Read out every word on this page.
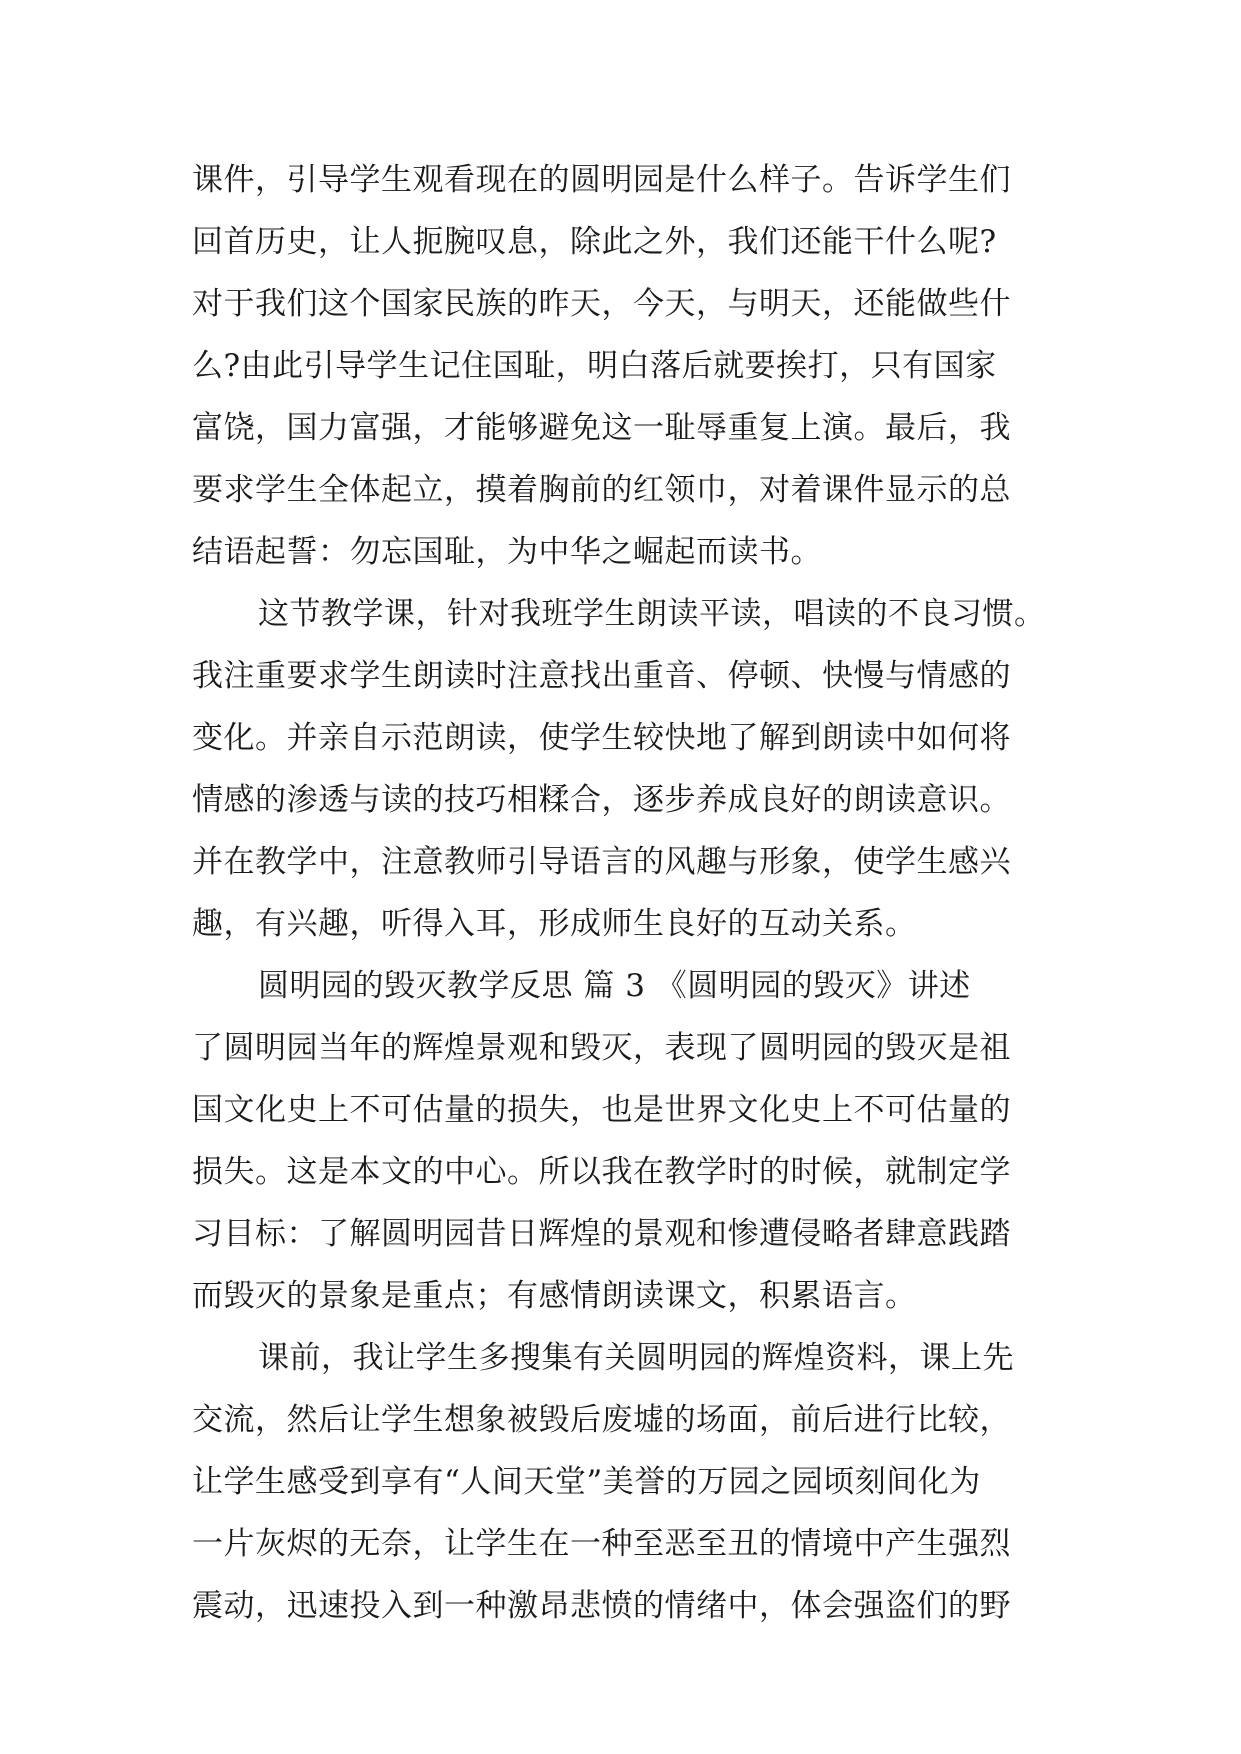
课件，引导学生观看现在的圆明园是什么样子。告诉学生们
回首历史，让人扼腕叹息，除此之外，我们还能干什么呢?
对于我们这个国家民族的昨天，今天，与明天，还能做些什
么?由此引导学生记住国耻，明白落后就要挨打，只有国家
富饶，国力富强，才能够避免这一耻辱重复上演。最后，我
要求学生全体起立，摸着胸前的红领巾，对着课件显示的总
结语起誓：勿忘国耻，为中华之崛起而读书。
这节教学课，针对我班学生朗读平读，唱读的不良习惯。
我注重要求学生朗读时注意找出重音、停顿、快慢与情感的
变化。并亲自示范朗读，使学生较快地了解到朗读中如何将
情感的渗透与读的技巧相糅合，逐步养成良好的朗读意识。
并在教学中，注意教师引导语言的风趣与形象，使学生感兴
趣，有兴趣，听得入耳，形成师生良好的互动关系。
圆明园的毁灭教学反思 篇 3 《圆明园的毁灭》讲述
了圆明园当年的辉煌景观和毁灭，表现了圆明园的毁灭是祖
国文化史上不可估量的损失，也是世界文化史上不可估量的
损失。这是本文的中心。所以我在教学时的时候，就制定学
习目标：了解圆明园昔日辉煌的景观和惨遭侵略者肆意践踏
而毁灭的景象是重点；有感情朗读课文，积累语言。
课前，我让学生多搜集有关圆明园的辉煌资料，课上先
交流，然后让学生想象被毁后废墟的场面，前后进行比较，
让学生感受到享有“人间天堂”美誉的万园之园顷刻间化为
一片灰烬的无奈，让学生在一种至恶至丑的情境中产生强烈
震动，迅速投入到一种激昂悲愤的情绪中，体会强盗们的野
